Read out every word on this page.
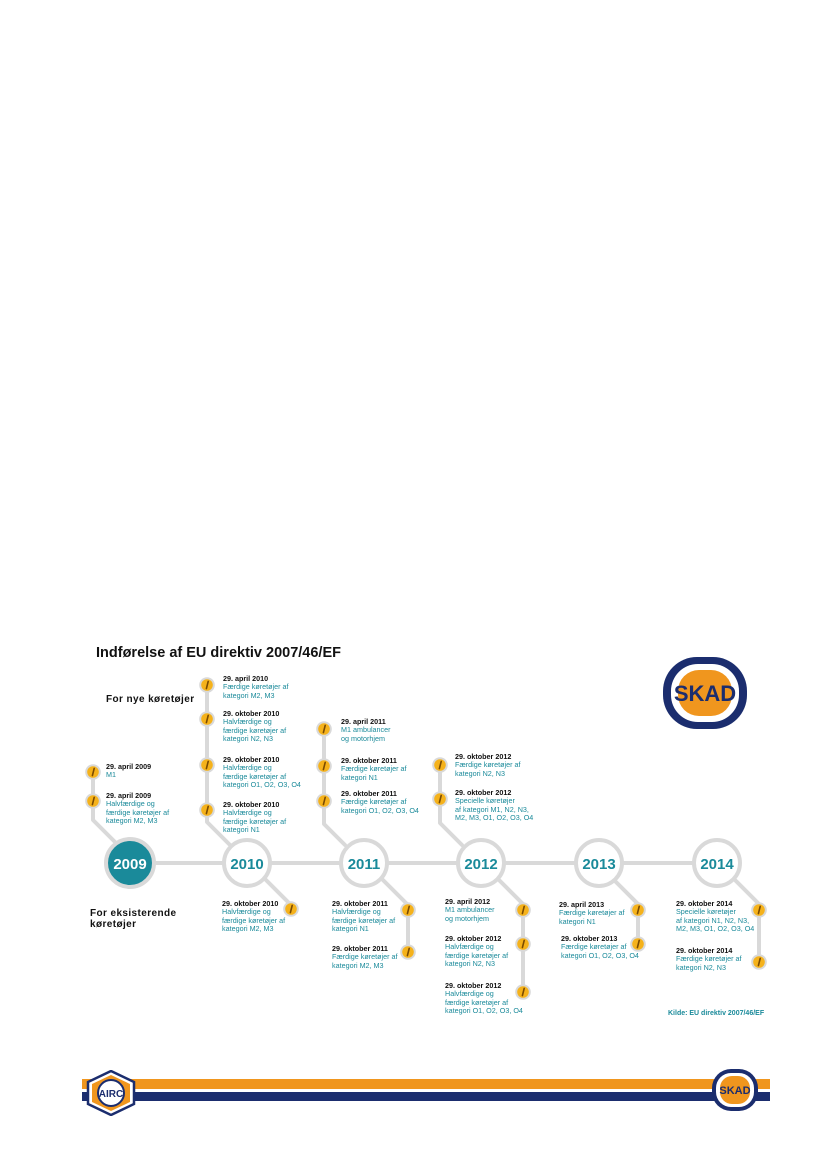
Indførelse af EU direktiv 2007/46/EF
SKAD
For nye køretøjer
For eksisterende
køretøjer
2009	2010	2011	2012	2013	2014
29. april 2009
M1
29. april 2009
Halvfærdige og
færdige køretøjer af
kategori M2, M3
29. april 2010
Færdige køretøjer af
kategori M2, M3
29. oktober 2010
Halvfærdige og
færdige køretøjer af
kategori N2, N3
29. oktober 2010
Halvfærdige og
færdige køretøjer af
kategori O1, O2, O3, O4
29. oktober 2010
Halvfærdige og
færdige køretøjer af
kategori N1
29. april 2011
M1 ambulancer
og motorhjem
29. oktober 2011
Færdige køretøjer af
kategori N1
29. oktober 2011
Færdige køretøjer af
kategori O1, O2, O3, O4
29. oktober 2012
Færdige køretøjer af
kategori N2, N3
29. oktober 2012
Specielle køretøjer
af kategori M1, N2, N3,
M2, M3, O1, O2, O3, O4
29. oktober 2010
Halvfærdige og
færdige køretøjer af
kategori M2, M3
29. oktober 2011
Halvfærdige og
færdige køretøjer af
kategori N1
29. oktober 2011
Færdige køretøjer af
kategori M2, M3
29. april 2012
M1 ambulancer
og motorhjem
29. oktober 2012
Halvfærdige og
færdige køretøjer af
kategori N2, N3
29. oktober 2012
Halvfærdige og
færdige køretøjer af
kategori O1, O2, O3, O4
29. april 2013
Færdige køretøjer af
kategori N1
29. oktober 2013
Færdige køretøjer af
kategori O1, O2, O3, O4
29. oktober 2014
Specielle køretøjer
af kategori N1, N2, N3,
M2, M3, O1, O2, O3, O4
29. oktober 2014
Færdige køretøjer af
kategori N2, N3
Kilde: EU direktiv 2007/46/EF
AIRC	SKAD
